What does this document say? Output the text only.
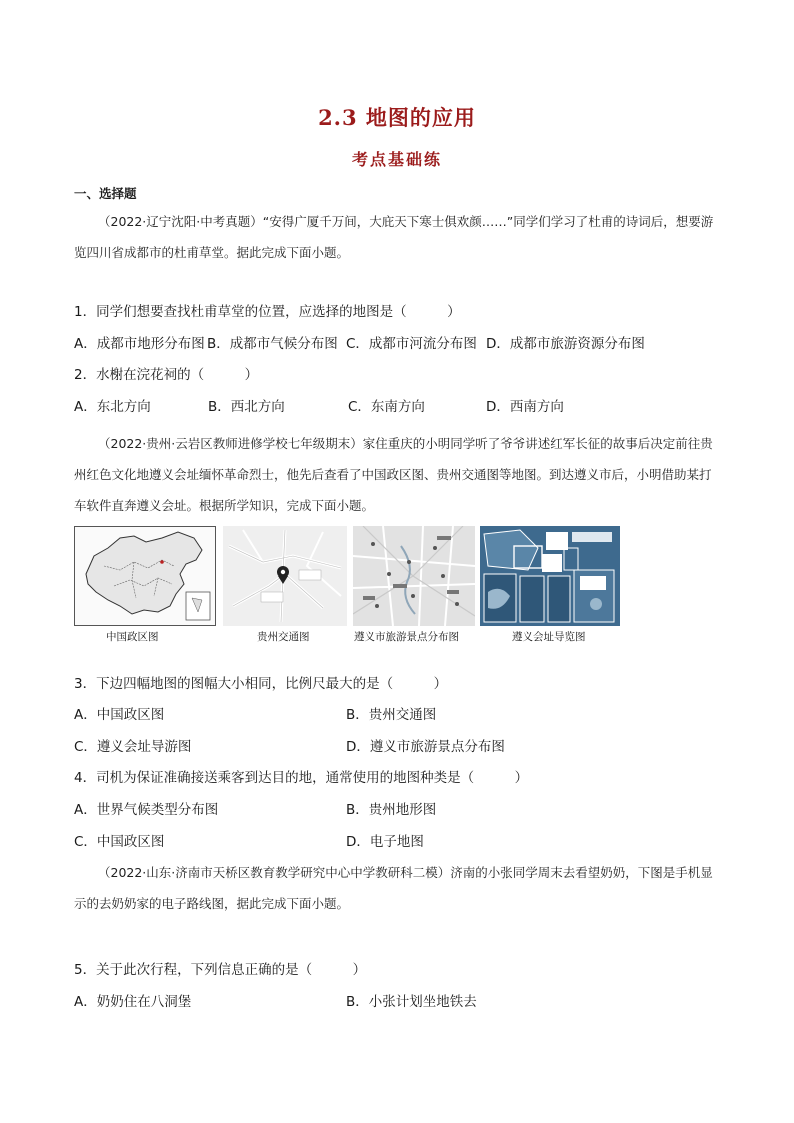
2.3 地图的应用
考点基础练
一、选择题
（2022·辽宁沈阳·中考真题）“安得广厦千万间，大庇天下寒士俱欢颜……”同学们学习了杜甫的诗词后，想要游览四川省成都市的杜甫草堂。据此完成下面小题。
1．同学们想要查找杜甫草堂的位置，应选择的地图是（　　　）
A．成都市地形分布图 B．成都市气候分布图 C．成都市河流分布图 D．成都市旅游资源分布图
2．水榭在浣花祠的（　　　）
A．东北方向	B．西北方向	C．东南方向	D．西南方向
（2022·贵州·云岩区教师进修学校七年级期末）家住重庆的小明同学听了爷爷讲述红军长征的故事后决定前往贵州红色文化地遵义会址缅怀革命烈士，他先后查看了中国政区图、贵州交通图等地图。到达遵义市后，小明借助某打车软件直奔遵义会址。根据所学知识，完成下面小题。
中国政区图	贵州交通图	遵义市旅游景点分布图	遵义会址导览图
3．下边四幅地图的图幅大小相同，比例尺最大的是（　　　）
A．中国政区图	B．贵州交通图
C．遵义会址导游图	D．遵义市旅游景点分布图
4．司机为保证准确接送乘客到达目的地，通常使用的地图种类是（　　　）
A．世界气候类型分布图	B．贵州地形图
C．中国政区图	D．电子地图
（2022·山东·济南市天桥区教育教学研究中心中学教研科二模）济南的小张同学周末去看望奶奶，下图是手机显示的去奶奶家的电子路线图，据此完成下面小题。
5．关于此次行程，下列信息正确的是（　　　）
A．奶奶住在八洞堡	B．小张计划坐地铁去
